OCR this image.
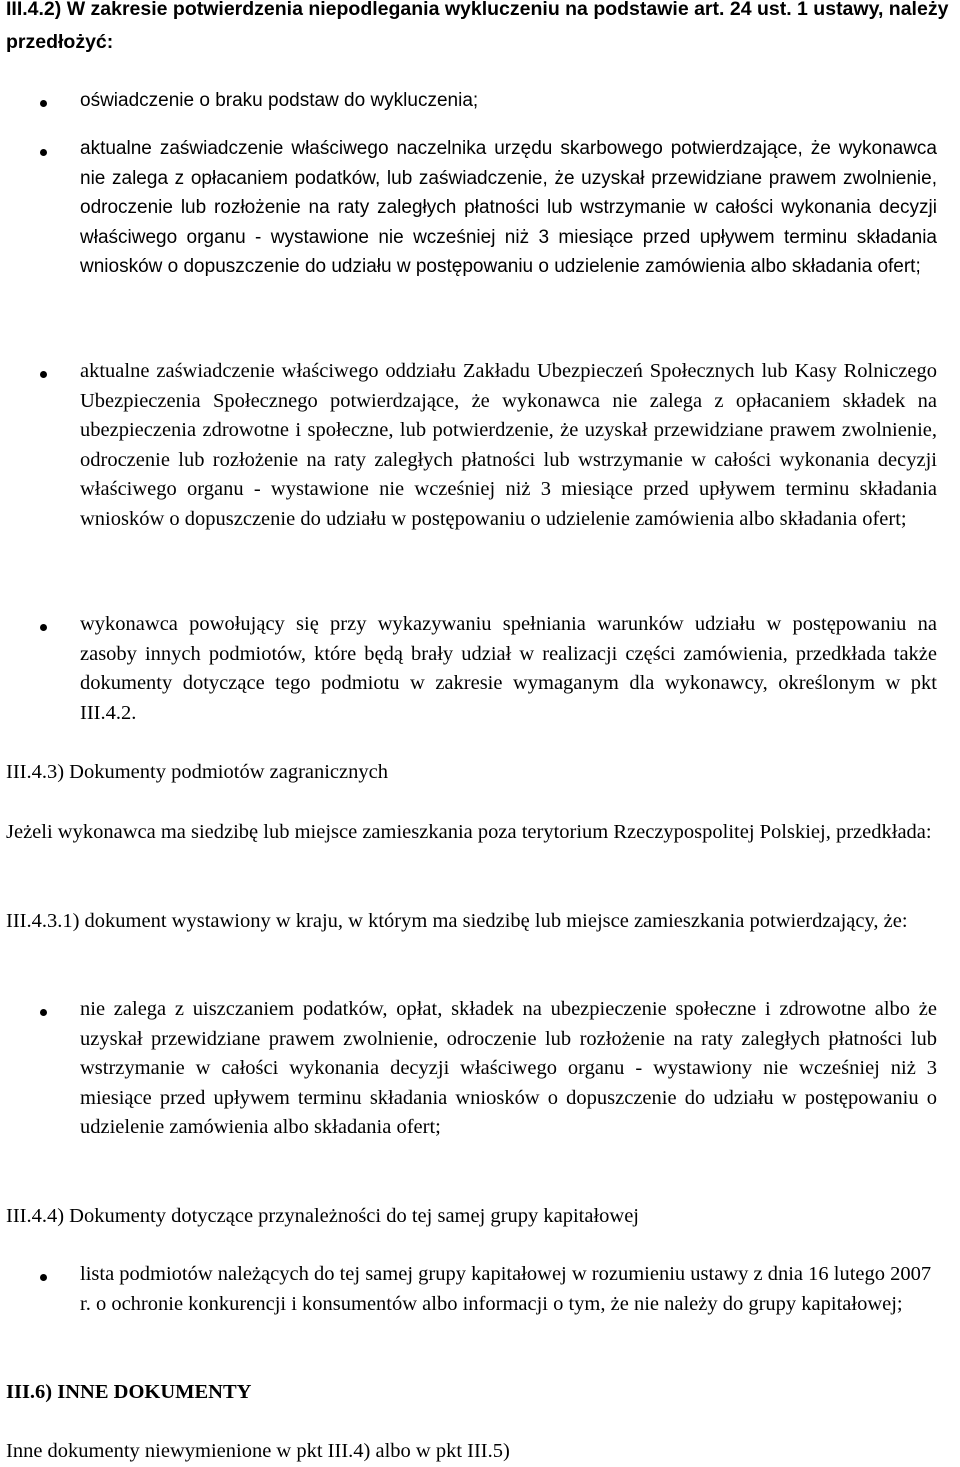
III.4.2) W zakresie potwierdzenia niepodlegania wykluczeniu na podstawie art. 24 ust. 1 ustawy, należy przedłożyć:
oświadczenie o braku podstaw do wykluczenia;
aktualne zaświadczenie właściwego naczelnika urzędu skarbowego potwierdzające, że wykonawca nie zalega z opłacaniem podatków, lub zaświadczenie, że uzyskał przewidziane prawem zwolnienie, odroczenie lub rozłożenie na raty zaległych płatności lub wstrzymanie w całości wykonania decyzji właściwego organu - wystawione nie wcześniej niż 3 miesiące przed upływem terminu składania wniosków o dopuszczenie do udziału w postępowaniu o udzielenie zamówienia albo składania ofert;
aktualne zaświadczenie właściwego oddziału Zakładu Ubezpieczeń Społecznych lub Kasy Rolniczego Ubezpieczenia Społecznego potwierdzające, że wykonawca nie zalega z opłacaniem składek na ubezpieczenia zdrowotne i społeczne, lub potwierdzenie, że uzyskał przewidziane prawem zwolnienie, odroczenie lub rozłożenie na raty zaległych płatności lub wstrzymanie w całości wykonania decyzji właściwego organu - wystawione nie wcześniej niż 3 miesiące przed upływem terminu składania wniosków o dopuszczenie do udziału w postępowaniu o udzielenie zamówienia albo składania ofert;
wykonawca powołujący się przy wykazywaniu spełniania warunków udziału w postępowaniu na zasoby innych podmiotów, które będą brały udział w realizacji części zamówienia, przedkłada także dokumenty dotyczące tego podmiotu w zakresie wymaganym dla wykonawcy, określonym w pkt III.4.2.
III.4.3) Dokumenty podmiotów zagranicznych
Jeżeli wykonawca ma siedzibę lub miejsce zamieszkania poza terytorium Rzeczypospolitej Polskiej, przedkłada:
III.4.3.1) dokument wystawiony w kraju, w którym ma siedzibę lub miejsce zamieszkania potwierdzający, że:
nie zalega z uiszczaniem podatków, opłat, składek na ubezpieczenie społeczne i zdrowotne albo że uzyskał przewidziane prawem zwolnienie, odroczenie lub rozłożenie na raty zaległych płatności lub wstrzymanie w całości wykonania decyzji właściwego organu - wystawiony nie wcześniej niż 3 miesiące przed upływem terminu składania wniosków o dopuszczenie do udziału w postępowaniu o udzielenie zamówienia albo składania ofert;
III.4.4) Dokumenty dotyczące przynależności do tej samej grupy kapitałowej
lista podmiotów należących do tej samej grupy kapitałowej w rozumieniu ustawy z dnia 16 lutego 2007 r. o ochronie konkurencji i konsumentów albo informacji o tym, że nie należy do grupy kapitałowej;
III.6) INNE DOKUMENTY
Inne dokumenty niewymienione w pkt III.4) albo w pkt III.5)
